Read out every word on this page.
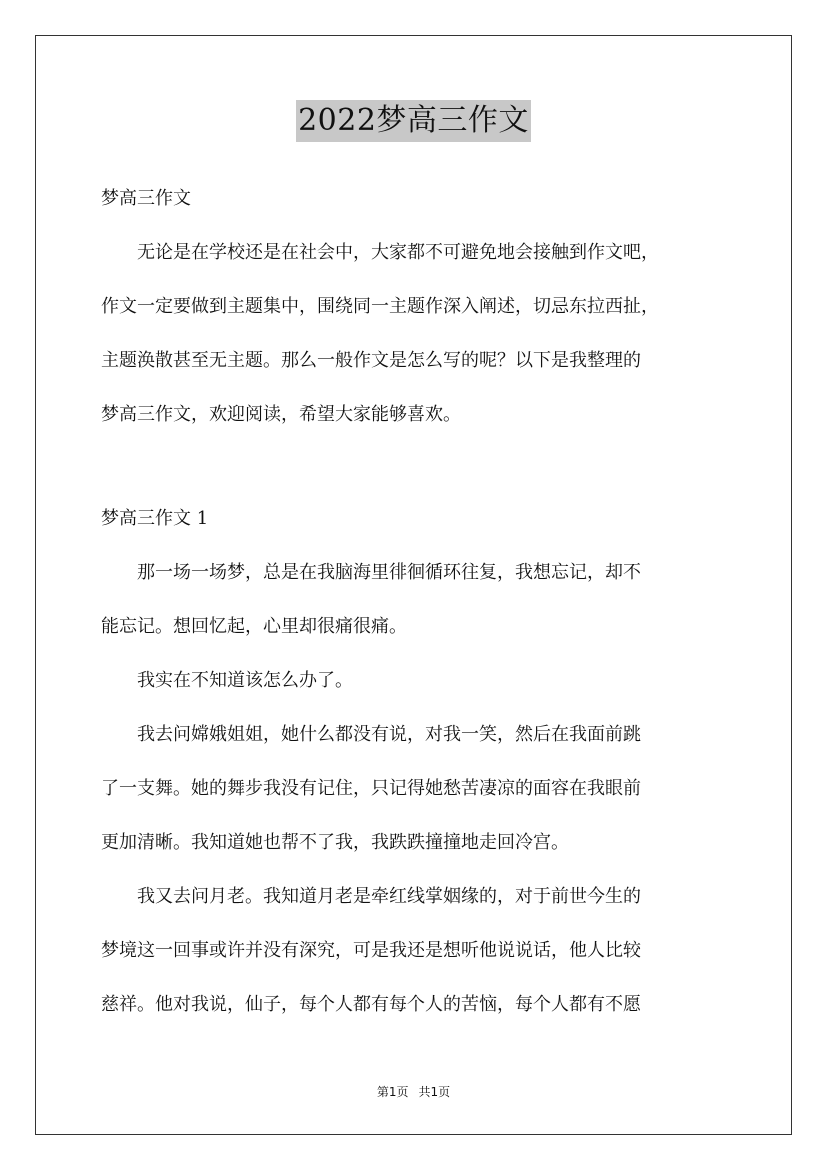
2022梦高三作文
梦高三作文

无论是在学校还是在社会中，大家都不可避免地会接触到作文吧，
作文一定要做到主题集中，围绕同一主题作深入阐述，切忌东拉西扯，
主题涣散甚至无主题。那么一般作文是怎么写的呢？以下是我整理的
梦高三作文，欢迎阅读，希望大家能够喜欢。

梦高三作文 1

那一场一场梦，总是在我脑海里徘徊循环往复，我想忘记，却不
能忘记。想回忆起，心里却很痛很痛。

我实在不知道该怎么办了。

我去问嫦娥姐姐，她什么都没有说，对我一笑，然后在我面前跳
了一支舞。她的舞步我没有记住，只记得她愁苦凄凉的面容在我眼前
更加清晰。我知道她也帮不了我，我跌跌撞撞地走回冷宫。

我又去问月老。我知道月老是牵红线掌姻缘的，对于前世今生的
梦境这一回事或许并没有深究，可是我还是想听他说说话，他人比较
慈祥。他对我说，仙子，每个人都有每个人的苦恼，每个人都有不愿

第1页 共1页
